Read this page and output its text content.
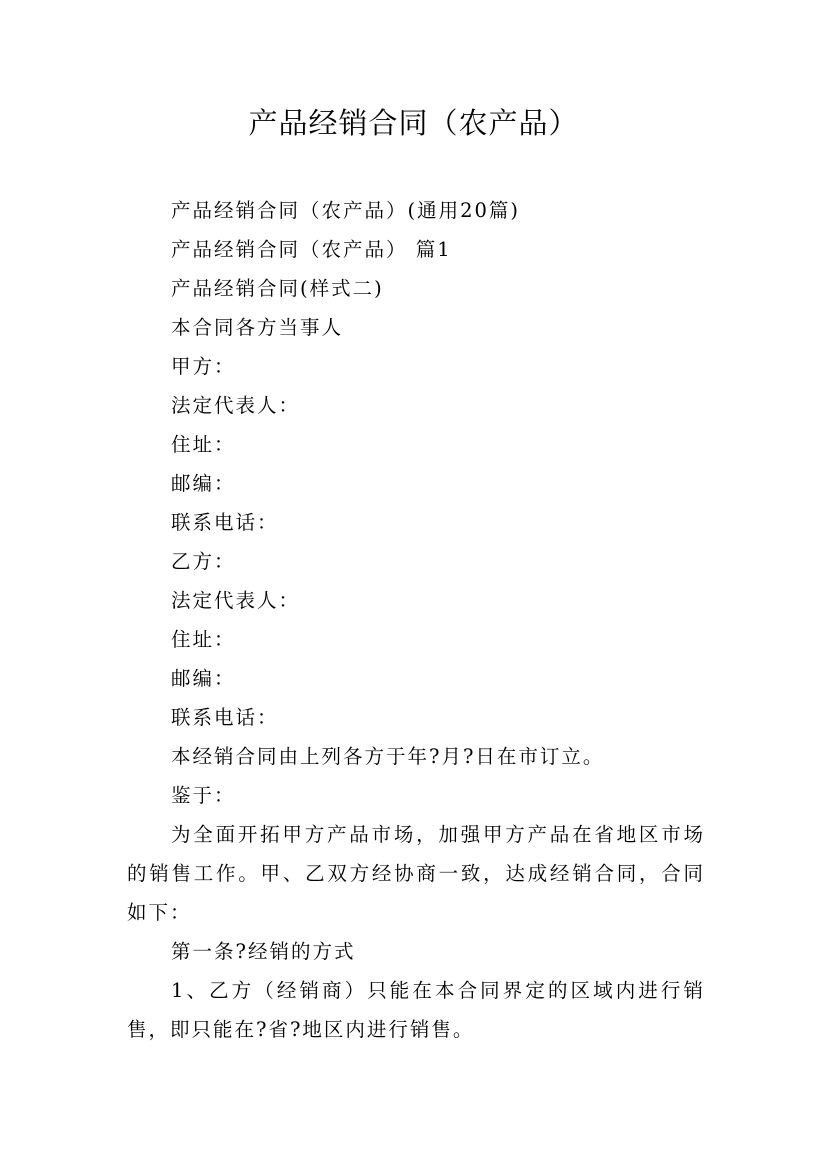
产品经销合同（农产品）
产品经销合同（农产品）(通用20篇)
产品经销合同（农产品） 篇1
产品经销合同(样式二)
本合同各方当事人
甲方：
法定代表人：
住址：
邮编：
联系电话：
乙方：
法定代表人：
住址：
邮编：
联系电话：
本经销合同由上列各方于年?月?日在市订立。
鉴于：
为全面开拓甲方产品市场，加强甲方产品在省地区市场的销售工作。甲、乙双方经协商一致，达成经销合同，合同如下：
第一条?经销的方式
1、乙方（经销商）只能在本合同界定的区域内进行销售，即只能在?省?地区内进行销售。
